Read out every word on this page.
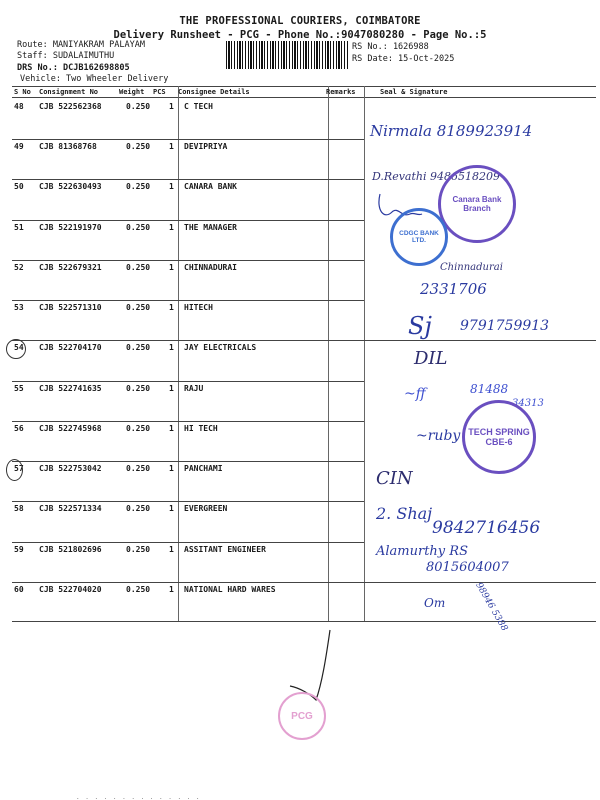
THE PROFESSIONAL COURIERS, COIMBATORE
Delivery Runsheet - PCG - Phone No.:9047080280 - Page No.:5
Route: MANIYAKRAM PALAYAM
Staff: SUDALAIMUTHU
DRS No.: DCJB162698805
Vehicle: Two Wheeler Delivery
RS No.: 1626988
RS Date: 15-Oct-2025
S No Consignment No	Weight PCS Consignee Details	Remarks	Seal & Signature
48 CJB 522562368	0.250 1 C TECH
49 CJB 81368768	0.250 1 DEVIPRIYA
50 CJB 522630493	0.250 1 CANARA BANK
51 CJB 522191970	0.250 1 THE MANAGER
52 CJB 522679321	0.250 1 CHINNADURAI
53 CJB 522571310	0.250 1 HITECH
54 CJB 522704170	0.250 1 JAY ELECTRICALS
55 CJB 522741635	0.250 1 RAJU
56 CJB 522745968	0.250 1 HI TECH
57 CJB 522753042	0.250 1 PANCHAMI
58 CJB 522571334	0.250 1 EVERGREEN
59 CJB 521802696	0.250 1 ASSITANT ENGINEER
60 CJB 522704020	0.250 1 NATIONAL HARD WARES
Nirmala 8189923914
D.Revathi 9486518209
Canara Bank Branch
CDGC BANK LTD.
Chinnadurai
2331706
Sj 9791759913
DIL
~ff	81488
34313
TECH SPRING CBE-6
~ruby
CIN
2. Shaj
9842716456
Alamurthy RS
8015604007
Om	98946 5388
PCG
. . . . . . . . . . . . . .
